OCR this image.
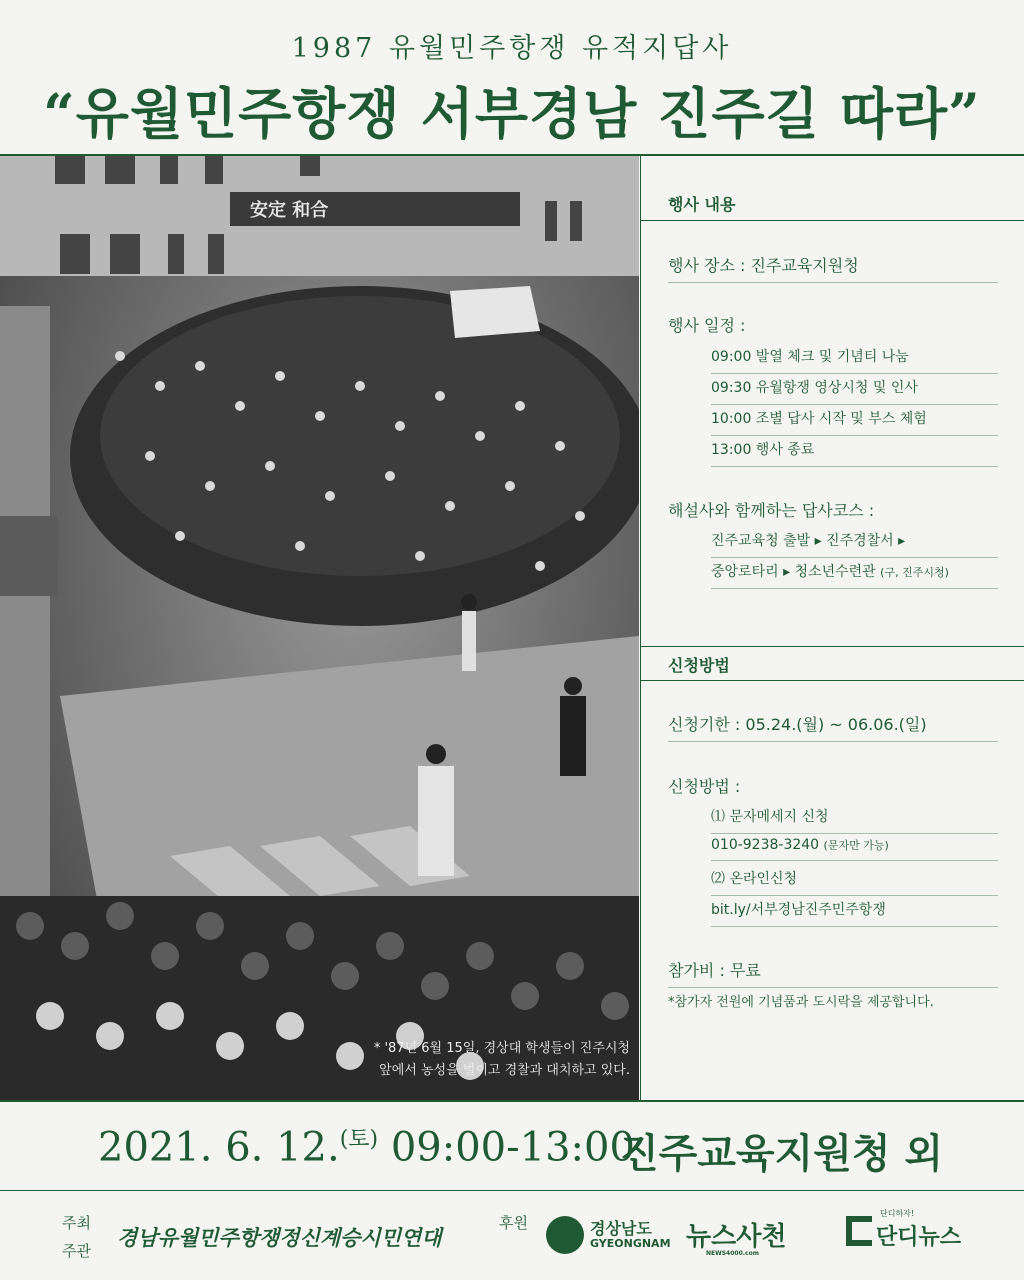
1987 유월민주항쟁 유적지답사
“유월민주항쟁 서부경남 진주길 따라”
安定 和合
* '87년 6월 15일, 경상대 학생들이 진주시청
앞에서 농성을 벌이고 경찰과 대치하고 있다.
행사 내용
행사 장소 : 진주교육지원청
행사 일정 :
09:00 발열 체크 및 기념티 나눔
09:30 유월항쟁 영상시청 및 인사
10:00 조별 답사 시작 및 부스 체험
13:00 행사 종료
해설사와 함께하는 답사코스 :
진주교육청 출발 ▸ 진주경찰서 ▸
중앙로타리 ▸ 청소년수련관 (구, 진주시청)
신청방법
신청기한 : 05.24.(월) ~ 06.06.(일)
신청방법 :
⑴ 문자메세지 신청
010-9238-3240 (문자만 가능)
⑵ 온라인신청
bit.ly/서부경남진주민주항쟁
참가비 : 무료
*참가자 전원에 기념품과 도시락을 제공합니다.
2021. 6. 12.$^{(토)}$ 09:00-13:00
진주교육지원청 외
주최
주관
경남유월민주항쟁정신계승시민연대
후원	경상남도
GYEONGNAM 뉴스사천
NEWS4000.com
단디하자!
단디뉴스
